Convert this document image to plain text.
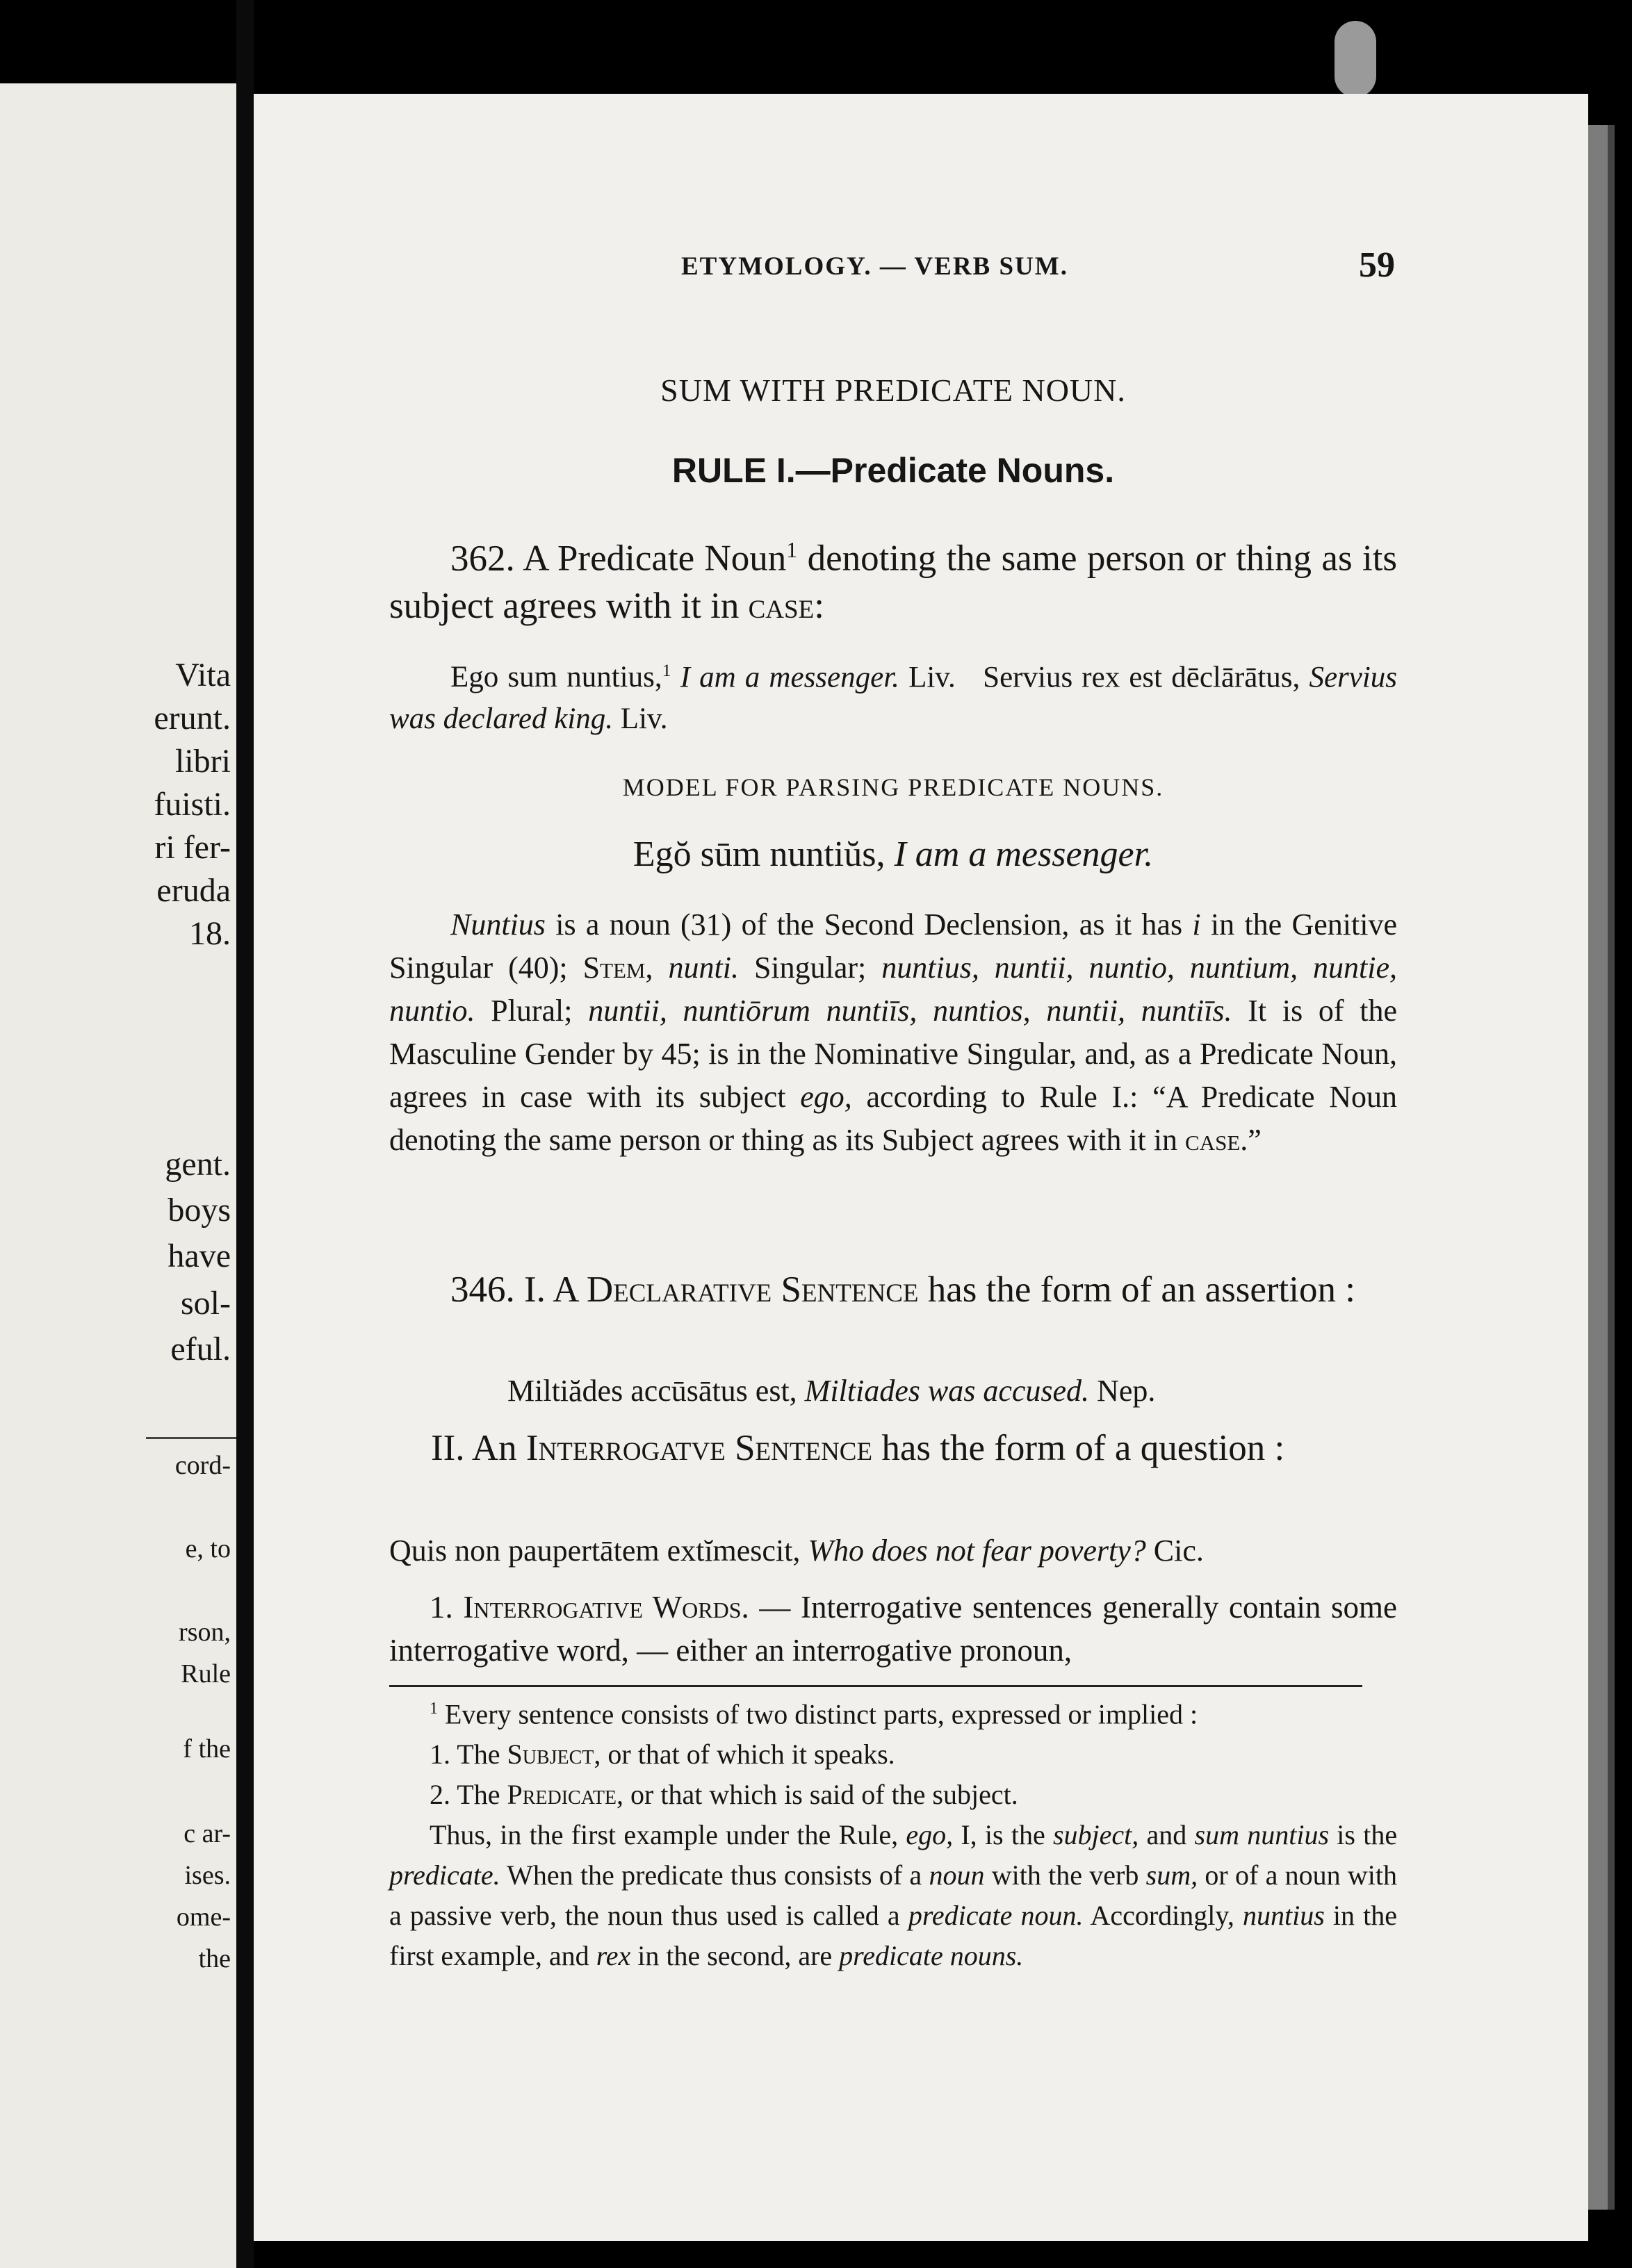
Vita
erunt.
libri
fuisti.
ri fer-
eruda
18.
gent.
boys
have
sol-
eful.
cord-
e, to
rson,
Rule
f the
c ar-
ises.
ome-
the
ETYMOLOGY. — VERB SUM.	59
SUM WITH PREDICATE NOUN.
RULE I.—Predicate Nouns.
362. A Predicate Noun$^1$ denoting the same person or thing as its subject agrees with it in case:
Ego sum nuntius,$^1$ I am a messenger. Liv. Servius rex est dēclārātus, Servius was declared king. Liv.
MODEL FOR PARSING PREDICATE NOUNS.
Egŏ sūm nuntiŭs, I am a messenger.
Nuntius is a noun (31) of the Second Declension, as it has i in the Genitive Singular (40); Stem, nunti. Singular; nuntius, nuntii, nuntio, nuntium, nuntie, nuntio. Plural; nuntii, nuntiōrum nuntiīs, nuntios, nuntii, nuntiīs. It is of the Masculine Gender by 45; is in the Nominative Singular, and, as a Predicate Noun, agrees in case with its subject ego, according to Rule I.: “A Predicate Noun denoting the same person or thing as its Subject agrees with it in case.”
346. I. A Declarative Sentence has the form of an assertion :
Miltiădes accūsātus est, Miltiades was accused. Nep.
II. An Interrogatve Sentence has the form of a question :
Quis non paupertātem extĭmescit, Who does not fear poverty? Cic.
1. Interrogative Words. — Interrogative sentences generally contain some interrogative word, — either an interrogative pronoun,
$^1$ Every sentence consists of two distinct parts, expressed or implied :
1. The Subject, or that of which it speaks.
2. The Predicate, or that which is said of the subject.
Thus, in the first example under the Rule, ego, I, is the subject, and sum nuntius is the predicate. When the predicate thus consists of a noun with the verb sum, or of a noun with a passive verb, the noun thus used is called a predicate noun. Accordingly, nuntius in the first example, and rex in the second, are predicate nouns.
